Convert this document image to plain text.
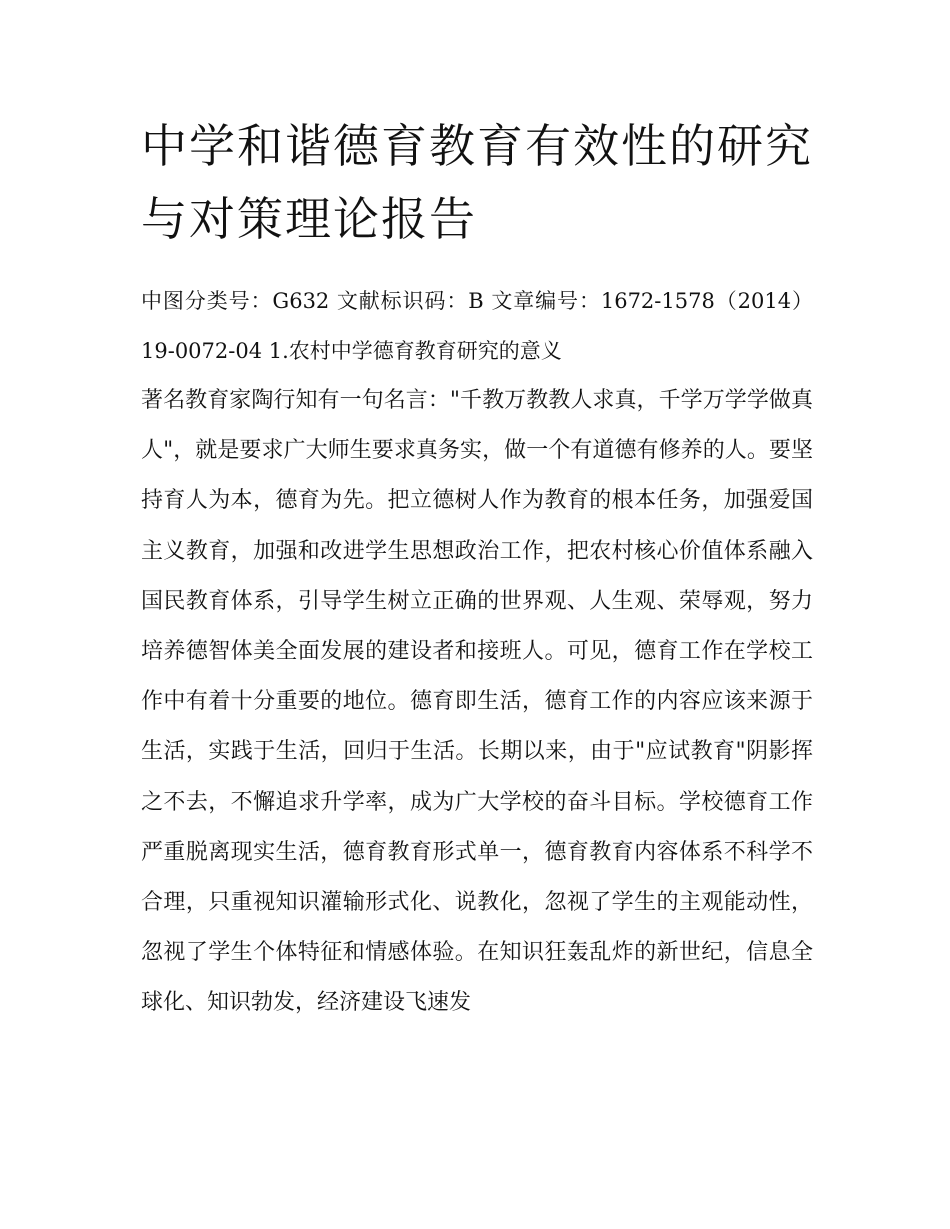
中学和谐德育教育有效性的研究与对策理论报告

中图分类号：G632 文献标识码：B 文章编号：1672-1578（2014）19-0072-04 1.农村中学德育教育研究的意义

著名教育家陶行知有一句名言："千教万教教人求真，千学万学学做真人"，就是要求广大师生要求真务实，做一个有道德有修养的人。要坚持育人为本，德育为先。把立德树人作为教育的根本任务，加强爱国主义教育，加强和改进学生思想政治工作，把农村核心价值体系融入国民教育体系，引导学生树立正确的世界观、人生观、荣辱观，努力培养德智体美全面发展的建设者和接班人。可见，德育工作在学校工作中有着十分重要的地位。德育即生活，德育工作的内容应该来源于生活，实践于生活，回归于生活。长期以来，由于"应试教育"阴影挥之不去，不懈追求升学率，成为广大学校的奋斗目标。学校德育工作严重脱离现实生活，德育教育形式单一，德育教育内容体系不科学不合理，只重视知识灌输形式化、说教化，忽视了学生的主观能动性，忽视了学生个体特征和情感体验。在知识狂轰乱炸的新世纪，信息全球化、知识勃发，经济建设飞速发
